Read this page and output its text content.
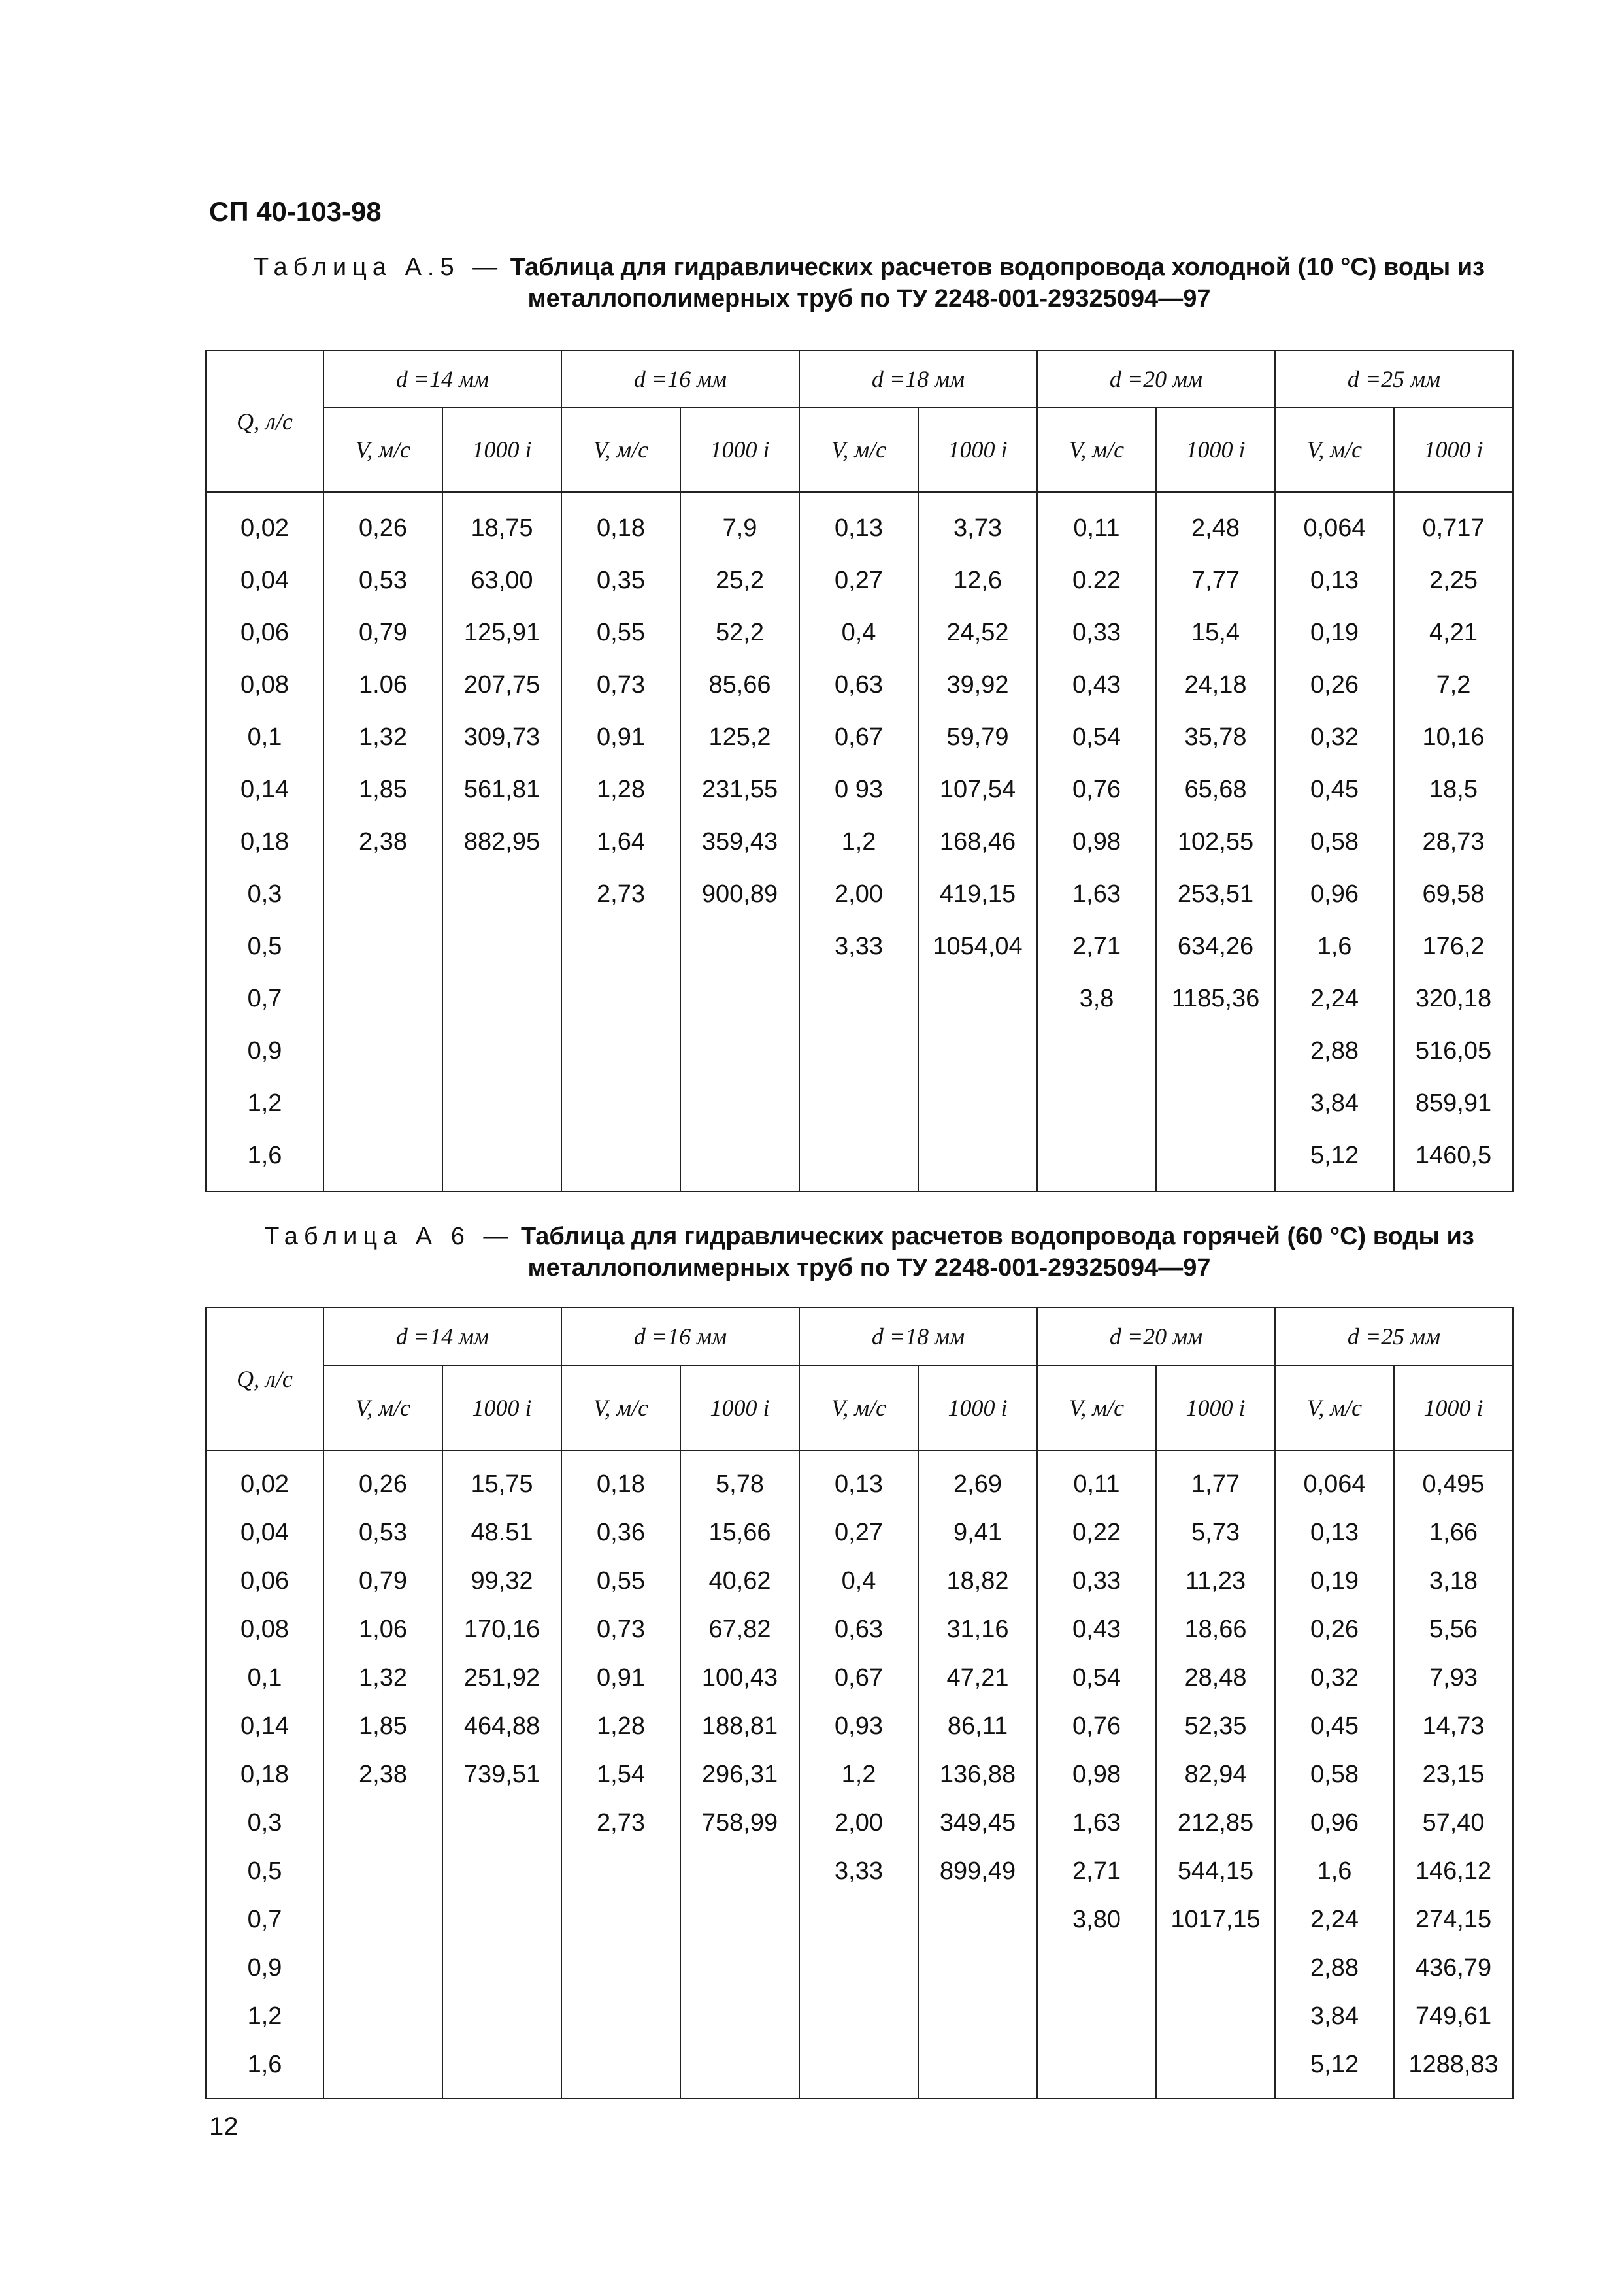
СП 40-103-98
Таблица А.5 — Таблица для гидравлических расчетов водопровода холодной (10 °С) воды из металлополимерных труб по ТУ 2248-001-29325094—97
Q, л/с	d =14 мм		d =16 мм		d =18 мм		d =20 мм		d =25 мм	
	V, м/с	1000 i	V, м/с	1000 i	V, м/с	1000 i	V, м/с	1000 i	V, м/с	1000 i
0,02	0,26	18,75	0,18	7,9	0,13	3,73	0,11	2,48	0,064	0,717
0,04	0,53	63,00	0,35	25,2	0,27	12,6	0.22	7,77	0,13	2,25
0,06	0,79	125,91	0,55	52,2	0,4	24,52	0,33	15,4	0,19	4,21
0,08	1.06	207,75	0,73	85,66	0,63	39,92	0,43	24,18	0,26	7,2
0,1	1,32	309,73	0,91	125,2	0,67	59,79	0,54	35,78	0,32	10,16
0,14	1,85	561,81	1,28	231,55	0 93	107,54	0,76	65,68	0,45	18,5
0,18	2,38	882,95	1,64	359,43	1,2	168,46	0,98	102,55	0,58	28,73
0,3			2,73	900,89	2,00	419,15	1,63	253,51	0,96	69,58
0,5					3,33	1054,04	2,71	634,26	1,6	176,2
0,7							3,8	1185,36	2,24	320,18
0,9									2,88	516,05
1,2									3,84	859,91
1,6									5,12	1460,5
Таблица А 6 — Таблица для гидравлических расчетов водопровода горячей (60 °С) воды из металлополимерных труб по ТУ 2248-001-29325094—97
Q, л/с	d =14 мм		d =16 мм		d =18 мм		d =20 мм		d =25 мм	
	V, м/с	1000 i	V, м/с	1000 i	V, м/с	1000 i	V, м/с	1000 i	V, м/с	1000 i
0,02	0,26	15,75	0,18	5,78	0,13	2,69	0,11	1,77	0,064	0,495
0,04	0,53	48.51	0,36	15,66	0,27	9,41	0,22	5,73	0,13	1,66
0,06	0,79	99,32	0,55	40,62	0,4	18,82	0,33	11,23	0,19	3,18
0,08	1,06	170,16	0,73	67,82	0,63	31,16	0,43	18,66	0,26	5,56
0,1	1,32	251,92	0,91	100,43	0,67	47,21	0,54	28,48	0,32	7,93
0,14	1,85	464,88	1,28	188,81	0,93	86,11	0,76	52,35	0,45	14,73
0,18	2,38	739,51	1,54	296,31	1,2	136,88	0,98	82,94	0,58	23,15
0,3			2,73	758,99	2,00	349,45	1,63	212,85	0,96	57,40
0,5					3,33	899,49	2,71	544,15	1,6	146,12
0,7							3,80	1017,15	2,24	274,15
0,9									2,88	436,79
1,2									3,84	749,61
1,6									5,12	1288,83
12
